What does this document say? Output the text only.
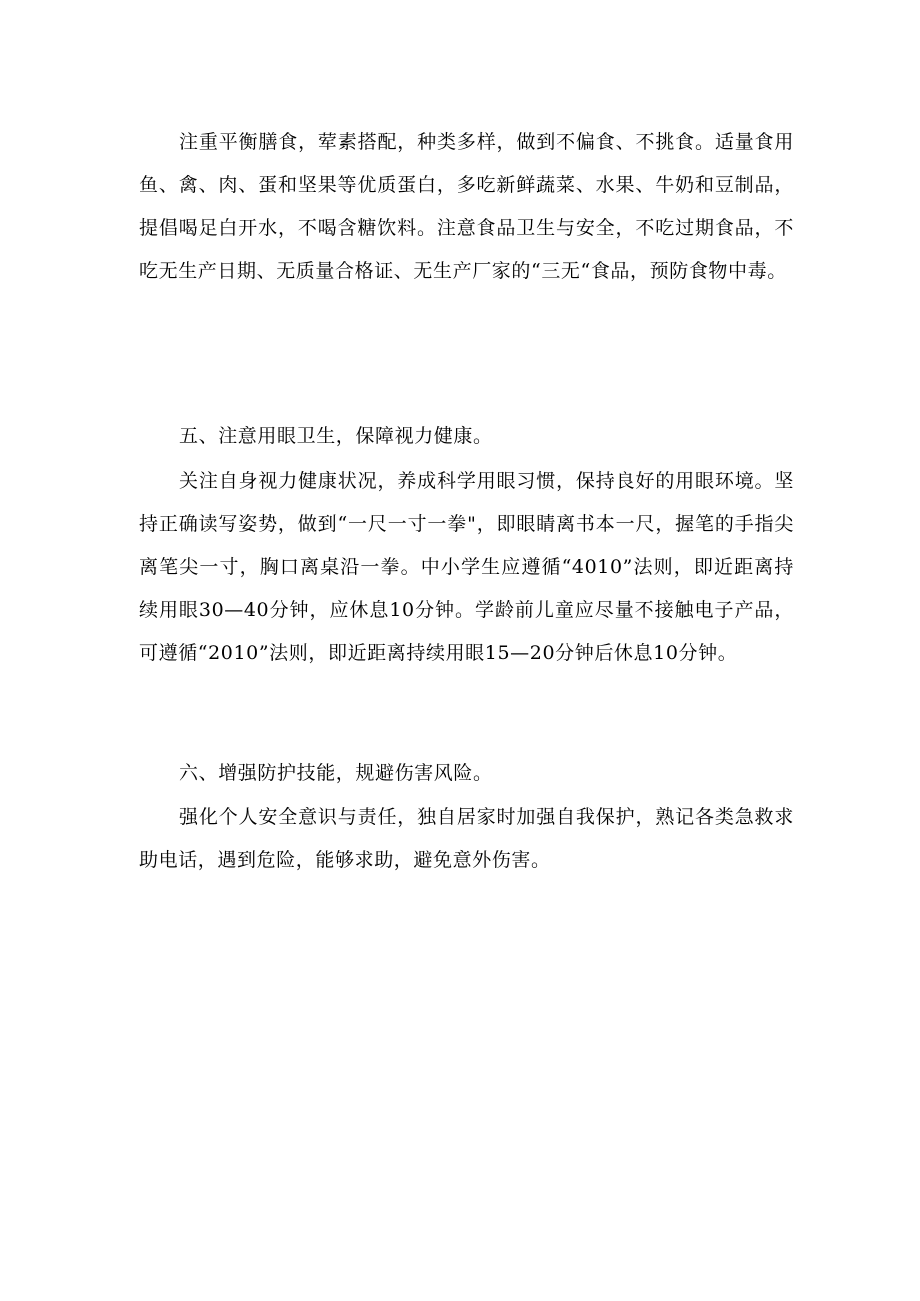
注重平衡膳食，荤素搭配，种类多样，做到不偏食、不挑食。适量食用鱼、禽、肉、蛋和坚果等优质蛋白，多吃新鲜蔬菜、水果、牛奶和豆制品，提倡喝足白开水，不喝含糖饮料。注意食品卫生与安全，不吃过期食品，不吃无生产日期、无质量合格证、无生产厂家的“三无“食品，预防食物中毒。

五、注意用眼卫生，保障视力健康。

关注自身视力健康状况，养成科学用眼习惯，保持良好的用眼环境。坚持正确读写姿势，做到“一尺一寸一拳"，即眼睛离书本一尺，握笔的手指尖离笔尖一寸，胸口离桌沿一拳。中小学生应遵循“4010”法则，即近距离持续用眼30—40分钟，应休息10分钟。学龄前儿童应尽量不接触电子产品，可遵循“2010”法则，即近距离持续用眼15—20分钟后休息10分钟。

六、增强防护技能，规避伤害风险。

强化个人安全意识与责任，独自居家时加强自我保护，熟记各类急救求助电话，遇到危险，能够求助，避免意外伤害。
